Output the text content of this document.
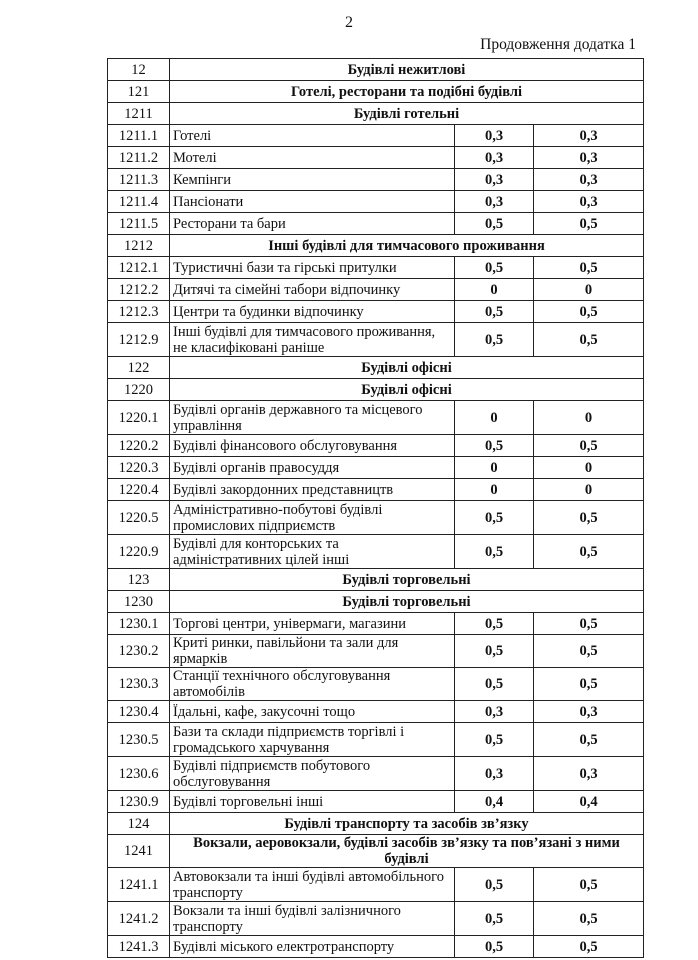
2
Продовження додатка 1
12	Будівлі нежитлові		
121	Готелі, ресторани та подібні будівлі		
1211	Будівлі готельні		
1211.1	Готелі	0,3	0,3
1211.2	Мотелі	0,3	0,3
1211.3	Кемпінги	0,3	0,3
1211.4	Пансіонати	0,3	0,3
1211.5	Ресторани та бари	0,5	0,5
1212	Інші будівлі для тимчасового проживання		
1212.1	Туристичні бази та гірські притулки	0,5	0,5
1212.2	Дитячі та сімейні табори відпочинку	0	0
1212.3	Центри та будинки відпочинку	0,5	0,5
1212.9	Інші будівлі для тимчасового проживання, не класифіковані раніше	0,5	0,5
122	Будівлі офісні		
1220	Будівлі офісні		
1220.1	Будівлі органів державного та місцевого управління	0	0
1220.2	Будівлі фінансового обслуговування	0,5	0,5
1220.3	Будівлі органів правосуддя	0	0
1220.4	Будівлі закордонних представництв	0	0
1220.5	Адміністративно-побутові будівлі промислових підприємств	0,5	0,5
1220.9	Будівлі для конторських та адміністративних цілей інші	0,5	0,5
123	Будівлі торговельні		
1230	Будівлі торговельні		
1230.1	Торгові центри, універмаги, магазини	0,5	0,5
1230.2	Криті ринки, павільйони та зали для ярмарків	0,5	0,5
1230.3	Станції технічного обслуговування автомобілів	0,5	0,5
1230.4	Їдальні, кафе, закусочні тощо	0,3	0,3
1230.5	Бази та склади підприємств торгівлі і громадського харчування	0,5	0,5
1230.6	Будівлі підприємств побутового обслуговування	0,3	0,3
1230.9	Будівлі торговельні інші	0,4	0,4
124	Будівлі транспорту та засобів зв’язку		
1241	Вокзали, аеровокзали, будівлі засобів зв’язку та пов’язані з ними будівлі		
1241.1	Автовокзали та інші будівлі автомобільного транспорту	0,5	0,5
1241.2	Вокзали та інші будівлі залізничного транспорту	0,5	0,5
1241.3	Будівлі міського електротранспорту	0,5	0,5
